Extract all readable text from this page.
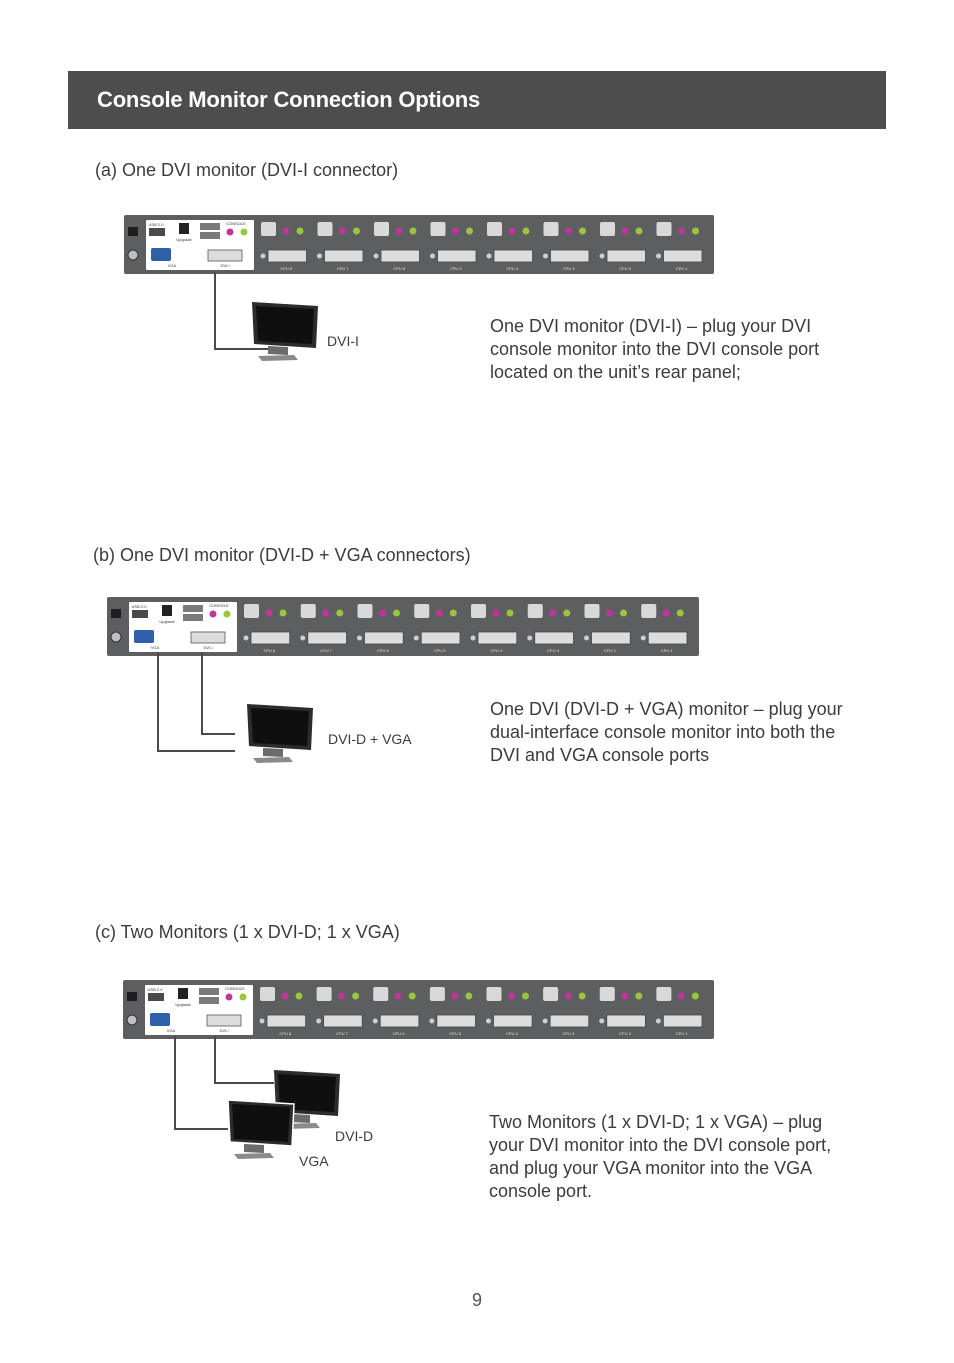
Console Monitor Connection Options
(a) One DVI monitor (DVI-I connector)
USB 2.0
Upgrade
CONSOLE
VGA	DVI-I
CPU 8	CPU 7	CPU 6	CPU 5	CPU 4	CPU 3	CPU 2	CPU 1
DVI-I

One DVI monitor (DVI-I) – plug your DVI console monitor into the DVI console port located on the unit’s rear panel;

(b) One DVI monitor (DVI-D + VGA connectors)
USB 2.0
Upgrade
CONSOLE
VGA	DVI-I
CPU 8	CPU 7	CPU 6	CPU 5	CPU 4	CPU 3	CPU 2	CPU 1
DVI-D + VGA

One DVI (DVI-D + VGA) monitor – plug your dual-interface console monitor into both the DVI and VGA console ports

(c) Two Monitors (1 x DVI-D; 1 x VGA)
USB 2.0
Upgrade
CONSOLE
VGA	DVI-I
CPU 8	CPU 7	CPU 6	CPU 5	CPU 4	CPU 3	CPU 2	CPU 1
DVI-D
VGA

Two Monitors (1 x DVI-D; 1 x VGA) – plug your DVI monitor into the DVI console port, and plug your VGA monitor into the VGA console port.

9
